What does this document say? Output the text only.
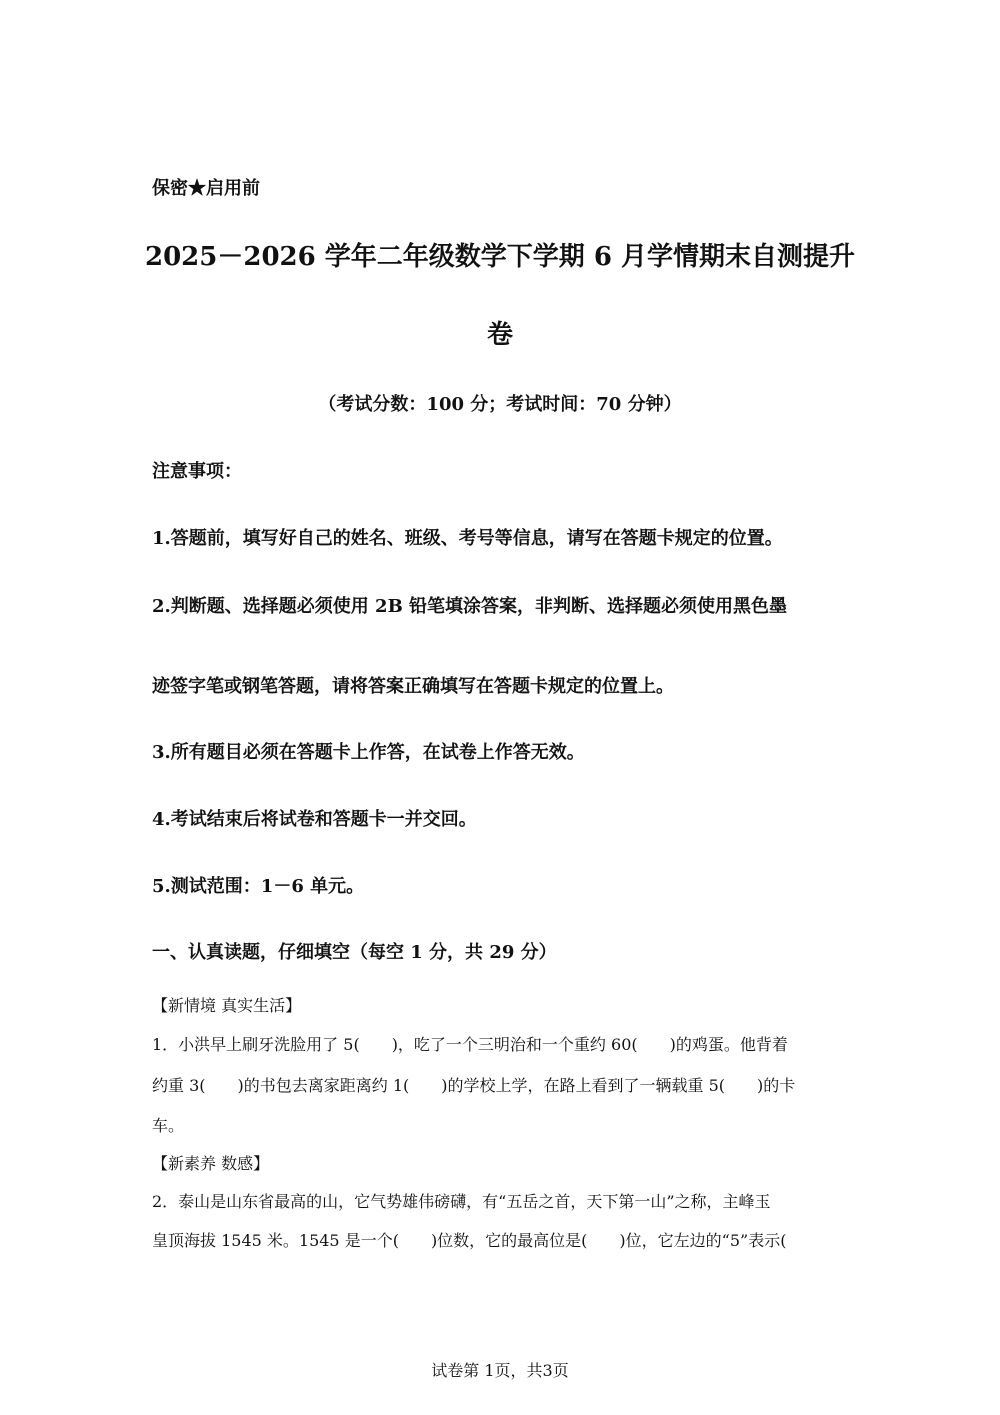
保密★启用前
2025－2026 学年二年级数学下学期 6 月学情期末自测提升
卷
（考试分数：100 分；考试时间：70 分钟）
注意事项：
1.答题前，填写好自己的姓名、班级、考号等信息，请写在答题卡规定的位置。
2.判断题、选择题必须使用 2B 铅笔填涂答案，非判断、选择题必须使用黑色墨
迹签字笔或钢笔答题，请将答案正确填写在答题卡规定的位置上。
3.所有题目必须在答题卡上作答，在试卷上作答无效。
4.考试结束后将试卷和答题卡一并交回。
5.测试范围：1－6 单元。
一、认真读题，仔细填空（每空 1 分，共 29 分）
【新情境 真实生活】
1．小洪早上刷牙洗脸用了 5(　　)，吃了一个三明治和一个重约 60(　　)的鸡蛋。他背着
约重 3(　　)的书包去离家距离约 1(　　)的学校上学，在路上看到了一辆载重 5(　　)的卡
车。
【新素养 数感】
2．泰山是山东省最高的山，它气势雄伟磅礴，有“五岳之首，天下第一山”之称，主峰玉
皇顶海拔 1545 米。1545 是一个(　　)位数，它的最高位是(　　)位，它左边的“5”表示(
试卷第 1页，共3页
